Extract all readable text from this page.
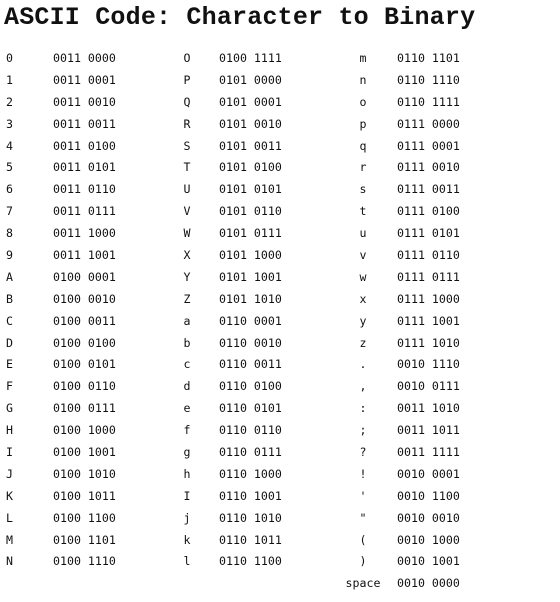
ASCII Code: Character to Binary
0	0011 0000
1	0011 0001
2	0011 0010
3	0011 0011
4	0011 0100
5	0011 0101
6	0011 0110
7	0011 0111
8	0011 1000
9	0011 1001
A	0100 0001
B	0100 0010
C	0100 0011
D	0100 0100
E	0100 0101
F	0100 0110
G	0100 0111
H	0100 1000
I	0100 1001
J	0100 1010
K	0100 1011
L	0100 1100
M	0100 1101
N	0100 1110
O	0100 1111
P	0101 0000
Q	0101 0001
R	0101 0010
S	0101 0011
T	0101 0100
U	0101 0101
V	0101 0110
W	0101 0111
X	0101 1000
Y	0101 1001
Z	0101 1010
a	0110 0001
b	0110 0010
c	0110 0011
d	0110 0100
e	0110 0101
f	0110 0110
g	0110 0111
h	0110 1000
I	0110 1001
j	0110 1010
k	0110 1011
l	0110 1100
m	0110 1101
n	0110 1110
o	0110 1111
p	0111 0000
q	0111 0001
r	0111 0010
s	0111 0011
t	0111 0100
u	0111 0101
v	0111 0110
w	0111 0111
x	0111 1000
y	0111 1001
z	0111 1010
.	0010 1110
,	0010 0111
:	0011 1010
;	0011 1011
?	0011 1111
!	0010 0001
'	0010 1100
"	0010 0010
(	0010 1000
)	0010 1001
space	0010 0000
